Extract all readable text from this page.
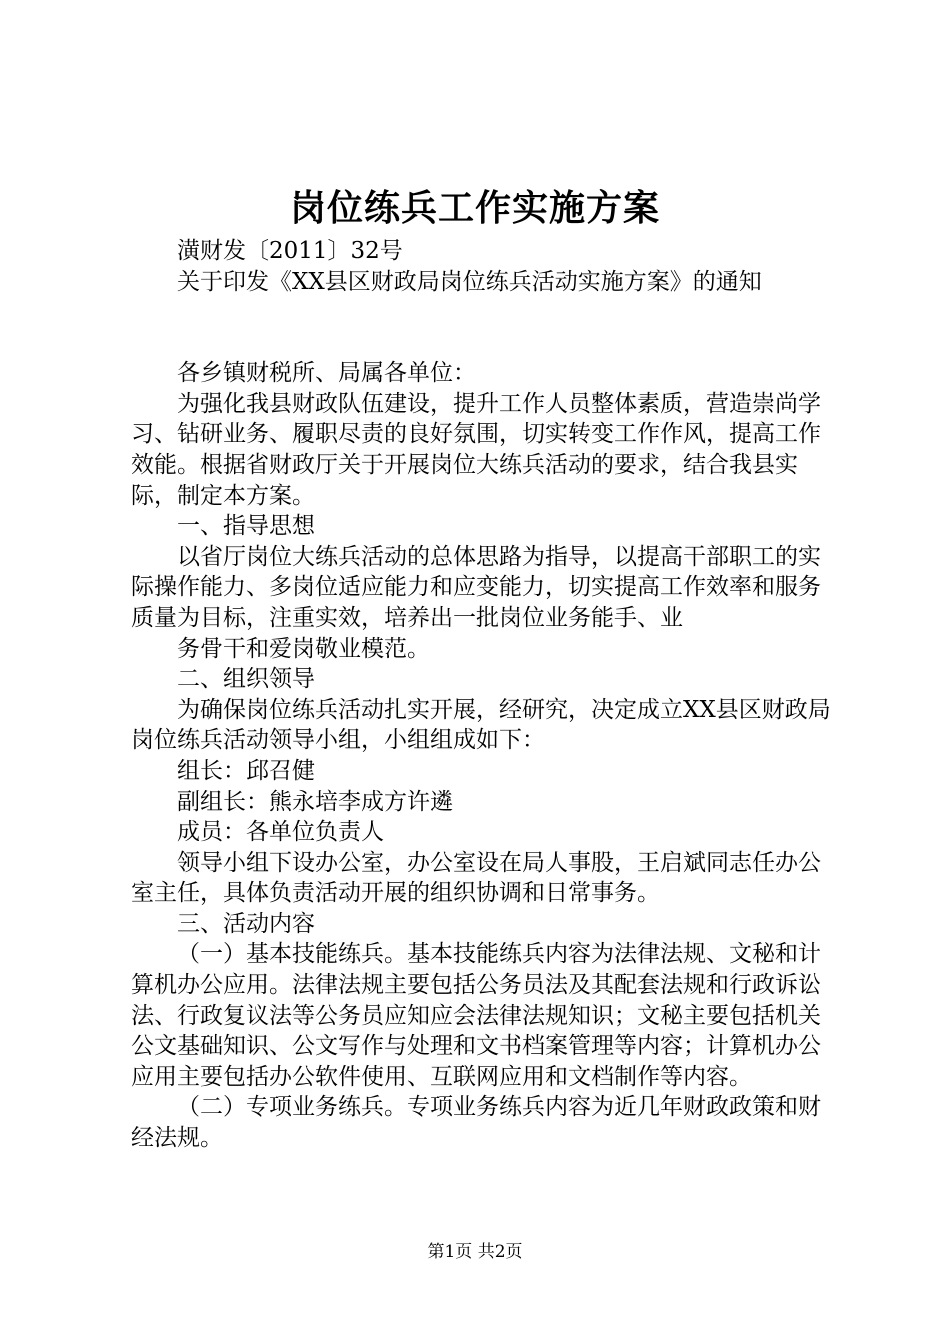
岗位练兵工作实施方案

潢财发〔2011〕32号

关于印发《XX县区财政局岗位练兵活动实施方案》的通知

各乡镇财税所、局属各单位：

为强化我县财政队伍建设，提升工作人员整体素质，营造崇尚学习、钻研业务、履职尽责的良好氛围，切实转变工作作风，提高工作效能。根据省财政厅关于开展岗位大练兵活动的要求，结合我县实际，制定本方案。

一、指导思想

以省厅岗位大练兵活动的总体思路为指导，以提高干部职工的实际操作能力、多岗位适应能力和应变能力，切实提高工作效率和服务质量为目标，注重实效，培养出一批岗位业务能手、业

务骨干和爱岗敬业模范。

二、组织领导

为确保岗位练兵活动扎实开展，经研究，决定成立XX县区财政局岗位练兵活动领导小组，小组组成如下：

组长：邱召健

副组长：熊永培李成方许遴

成员：各单位负责人

领导小组下设办公室，办公室设在局人事股，王启斌同志任办公室主任，具体负责活动开展的组织协调和日常事务。

三、活动内容

（一）基本技能练兵。基本技能练兵内容为法律法规、文秘和计算机办公应用。法律法规主要包括公务员法及其配套法规和行政诉讼法、行政复议法等公务员应知应会法律法规知识；文秘主要包括机关公文基础知识、公文写作与处理和文书档案管理等内容；计算机办公应用主要包括办公软件使用、互联网应用和文档制作等内容。

（二）专项业务练兵。专项业务练兵内容为近几年财政政策和财经法规。

第1页 共2页
